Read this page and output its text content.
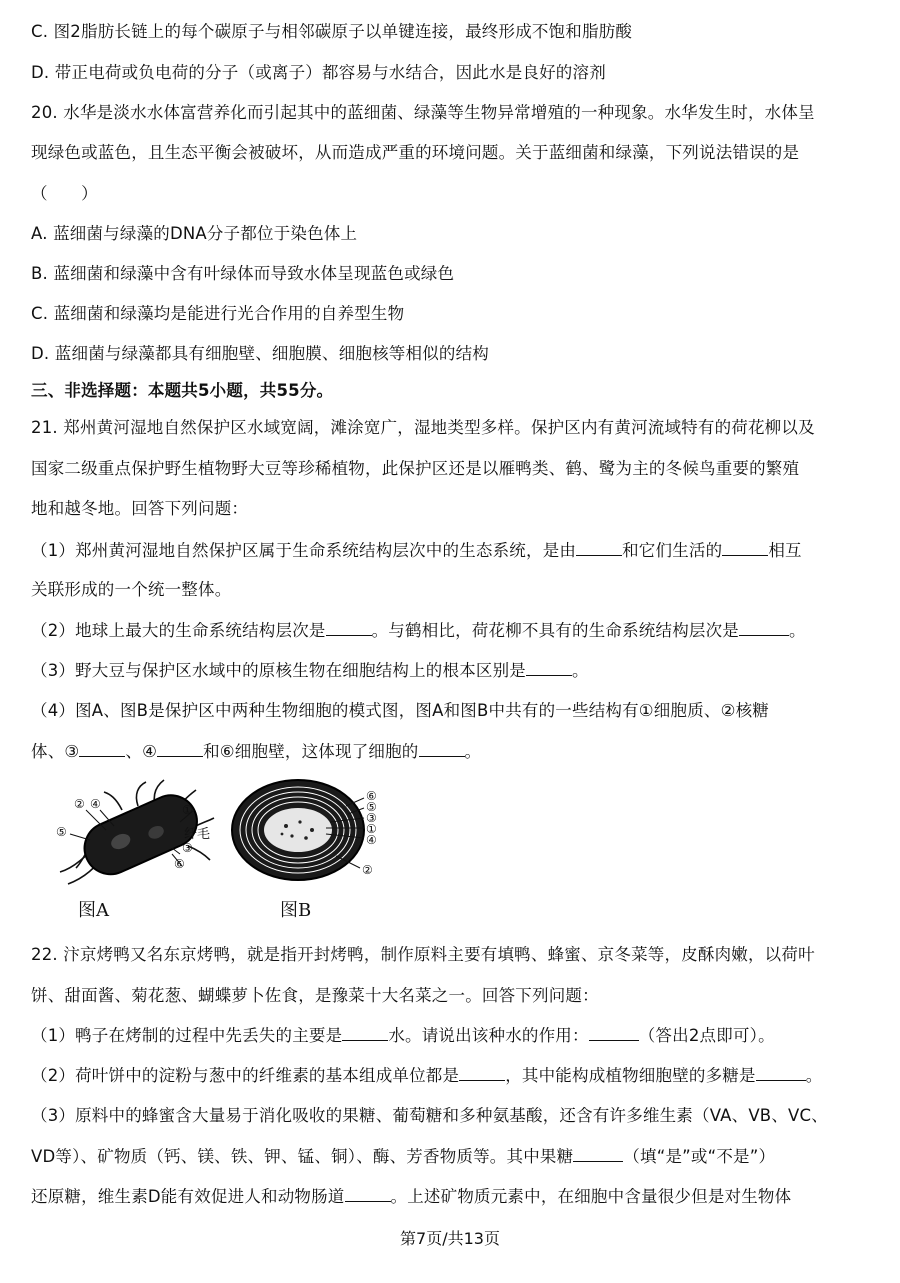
C. 图2脂肪长链上的每个碳原子与相邻碳原子以单键连接，最终形成不饱和脂肪酸
D. 带正电荷或负电荷的分子（或离子）都容易与水结合，因此水是良好的溶剂
20. 水华是淡水水体富营养化而引起其中的蓝细菌、绿藻等生物异常增殖的一种现象。水华发生时，水体呈
现绿色或蓝色，且生态平衡会被破坏，从而造成严重的环境问题。关于蓝细菌和绿藻，下列说法错误的是
（　　）
A. 蓝细菌与绿藻的DNA分子都位于染色体上
B. 蓝细菌和绿藻中含有叶绿体而导致水体呈现蓝色或绿色
C. 蓝细菌和绿藻均是能进行光合作用的自养型生物
D. 蓝细菌与绿藻都具有细胞壁、细胞膜、细胞核等相似的结构
三、非选择题：本题共5小题，共55分。
21. 郑州黄河湿地自然保护区水域宽阔，滩涂宽广，湿地类型多样。保护区内有黄河流域特有的荷花柳以及
国家二级重点保护野生植物野大豆等珍稀植物，此保护区还是以雁鸭类、鹤、鹭为主的冬候鸟重要的繁殖
地和越冬地。回答下列问题：
（1）郑州黄河湿地自然保护区属于生命系统结构层次中的生态系统，是由	和它们生活的	相互
关联形成的一个统一整体。
（2）地球上最大的生命系统结构层次是	。与鹤相比，荷花柳不具有的生命系统结构层次是	。
（3）野大豆与保护区水域中的原核生物在细胞结构上的根本区别是	。
（4）图A、图B是保护区中两种生物细胞的模式图，图A和图B中共有的一些结构有①细胞质、②核糖
体、③	、④	和⑥细胞壁，这体现了细胞的	。
② ④	①
⑤
③
⑥
纤毛
图A
⑥
⑤
③
①
④
②
图B
22. 汴京烤鸭又名东京烤鸭，就是指开封烤鸭，制作原料主要有填鸭、蜂蜜、京冬菜等，皮酥肉嫩，以荷叶
饼、甜面酱、菊花葱、蝴蝶萝卜佐食，是豫菜十大名菜之一。回答下列问题：
（1）鸭子在烤制的过程中先丢失的主要是	水。请说出该种水的作用：	（答出2点即可）。
（2）荷叶饼中的淀粉与葱中的纤维素的基本组成单位都是	，其中能构成植物细胞壁的多糖是	。
（3）原料中的蜂蜜含大量易于消化吸收的果糖、葡萄糖和多种氨基酸，还含有许多维生素（VA、VB、VC、
VD等）、矿物质（钙、镁、铁、钾、锰、铜）、酶、芳香物质等。其中果糖	（填“是”或“不是”）
还原糖，维生素D能有效促进人和动物肠道	。上述矿物质元素中，在细胞中含量很少但是对生物体
第7页/共13页
